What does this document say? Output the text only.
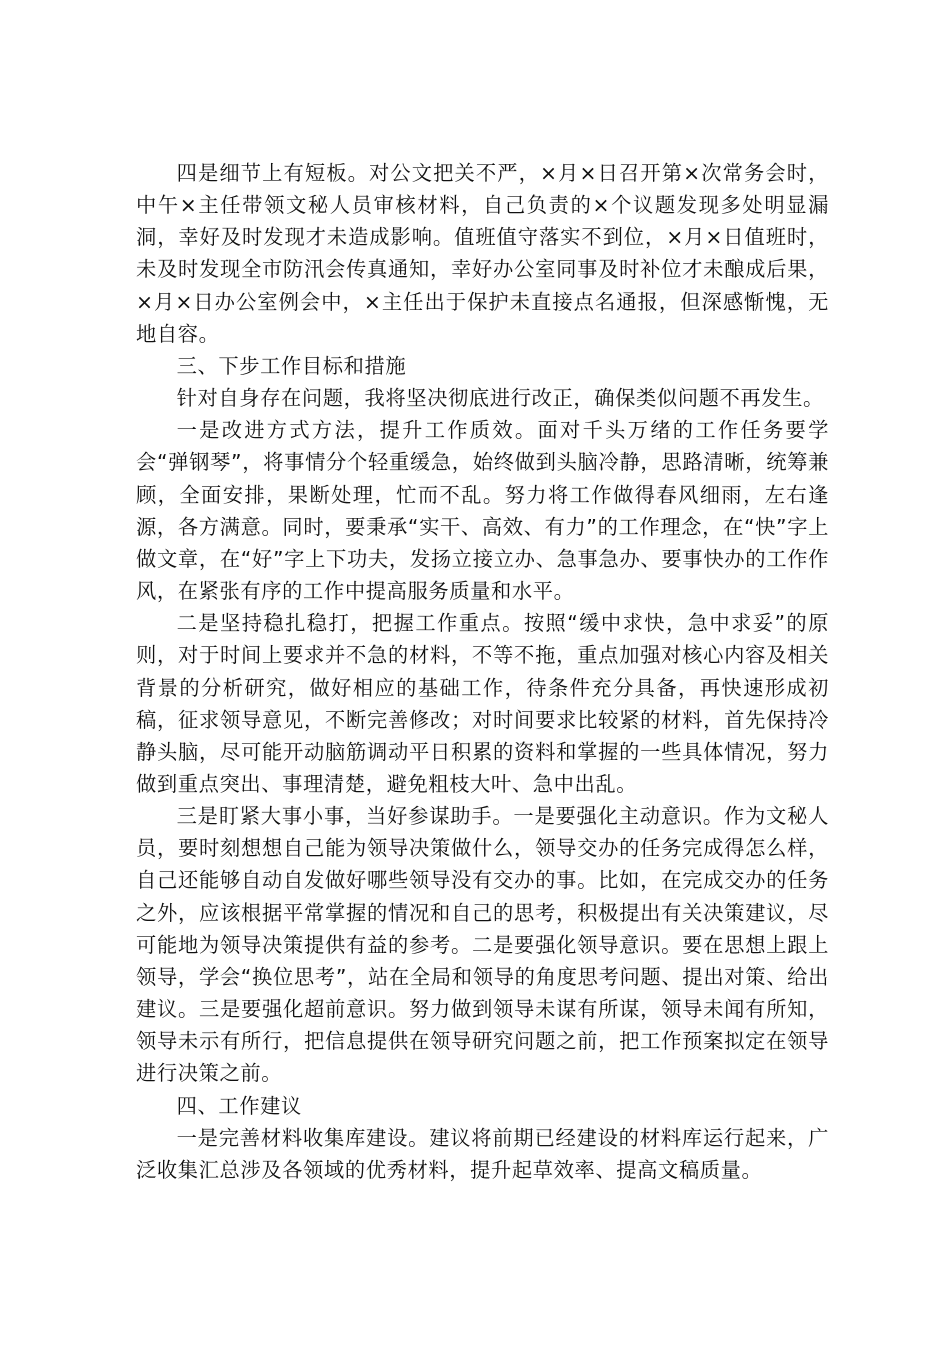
四是细节上有短板。对公文把关不严，×月×日召开第×次常务会时，中午×主任带领文秘人员审核材料，自己负责的×个议题发现多处明显漏洞，幸好及时发现才未造成影响。值班值守落实不到位，×月×日值班时，未及时发现全市防汛会传真通知，幸好办公室同事及时补位才未酿成后果，×月×日办公室例会中，×主任出于保护未直接点名通报，但深感惭愧，无地自容。

三、下步工作目标和措施

针对自身存在问题，我将坚决彻底进行改正，确保类似问题不再发生。

一是改进方式方法，提升工作质效。面对千头万绪的工作任务要学会“弹钢琴”，将事情分个轻重缓急，始终做到头脑冷静，思路清晰，统筹兼顾，全面安排，果断处理，忙而不乱。努力将工作做得春风细雨，左右逢源，各方满意。同时，要秉承“实干、高效、有力”的工作理念，在“快”字上做文章，在“好”字上下功夫，发扬立接立办、急事急办、要事快办的工作作风，在紧张有序的工作中提高服务质量和水平。

二是坚持稳扎稳打，把握工作重点。按照“缓中求快，急中求妥”的原则，对于时间上要求并不急的材料，不等不拖，重点加强对核心内容及相关背景的分析研究，做好相应的基础工作，待条件充分具备，再快速形成初稿，征求领导意见，不断完善修改；对时间要求比较紧的材料，首先保持冷静头脑，尽可能开动脑筋调动平日积累的资料和掌握的一些具体情况，努力做到重点突出、事理清楚，避免粗枝大叶、急中出乱。

三是盯紧大事小事，当好参谋助手。一是要强化主动意识。作为文秘人员，要时刻想想自己能为领导决策做什么，领导交办的任务完成得怎么样，自己还能够自动自发做好哪些领导没有交办的事。比如，在完成交办的任务之外，应该根据平常掌握的情况和自己的思考，积极提出有关决策建议，尽可能地为领导决策提供有益的参考。二是要强化领导意识。要在思想上跟上领导，学会“换位思考”，站在全局和领导的角度思考问题、提出对策、给出建议。三是要强化超前意识。努力做到领导未谋有所谋，领导未闻有所知，领导未示有所行，把信息提供在领导研究问题之前，把工作预案拟定在领导进行决策之前。

四、工作建议

一是完善材料收集库建设。建议将前期已经建设的材料库运行起来，广泛收集汇总涉及各领域的优秀材料，提升起草效率、提高文稿质量。
